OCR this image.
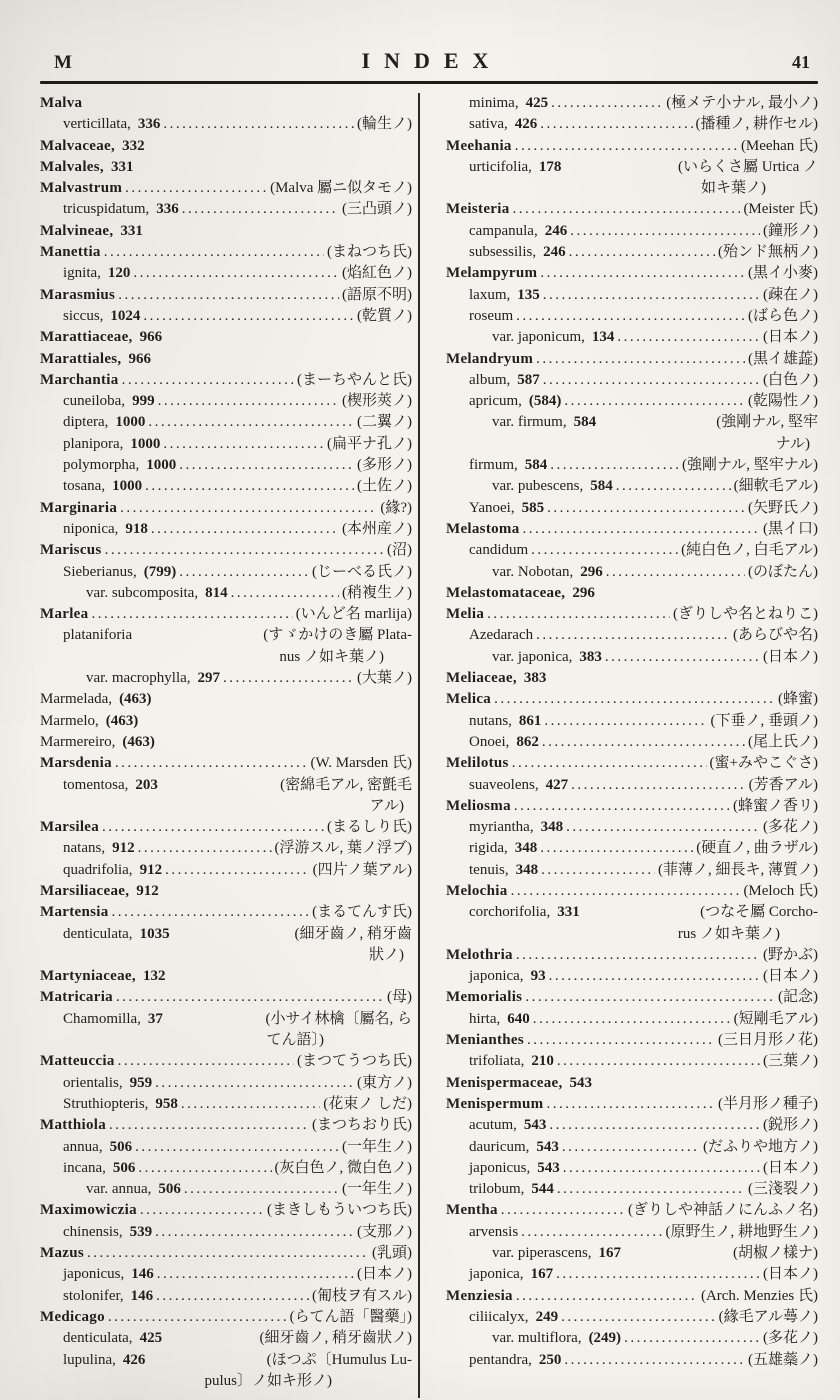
M	INDEX	41
Malva
verticillata, 336 .....	(輪生ノ)
Malvaceae, 332
Malvales, 331
Malvastrum .....	(Malva 屬ニ似タモノ)
tricuspidatum, 336 .....	(三凸頭ノ)
Malvineae, 331
Manettia .....	(まねつち氏)
ignita, 120 .....	(焰紅色ノ)
Marasmius .....	(語原不明)
siccus, 1024 .....	(乾質ノ)
Marattiaceae, 966
Marattiales, 966
Marchantia .....	(まーちやんと氏)
cuneiloba, 999 .....	(楔形莢ノ)
diptera, 1000 .....	(二翼ノ)
planipora, 1000 .....	(扁平ナ孔ノ)
polymorpha, 1000 .....	(多形ノ)
tosana, 1000 .....	(土佐ノ)
Marginaria .....	(緣?)
niponica, 918 .....	(本州産ノ)
Mariscus .....	(沼)
Sieberianus, (799) .....	(じーべる氏ノ)
var. subcomposita, 814 .....	(稍複生ノ)
Marlea .....	(いんど名 marlija)
plataniforia	(すゞかけのき屬 Plata-
nus ノ如キ葉ノ)
var. macrophylla, 297 .....	(大葉ノ)
Marmelada, (463)
Marmelo, (463)
Marmereiro, (463)
Marsdenia .....	(W. Marsden 氏)
tomentosa, 203	(密綿毛アル, 密氈毛
アル)
Marsilea .....	(まるしり氏)
natans, 912 .....	(浮游スル, 葉ノ浮ブ)
quadrifolia, 912 .....	(四片ノ葉アル)
Marsiliaceae, 912
Martensia .....	(まるてんす氏)
denticulata, 1035	(細牙齒ノ, 稍牙齒
狀ノ)
Martyniaceae, 132
Matricaria .....	(母)
Chamomilla, 37	(小サイ林檎〔屬名, ら
てん語〕)
Matteuccia .....	(まつてうつち氏)
orientalis, 959 .....	(東方ノ)
Struthiopteris, 958 .....	(花束ノ しだ)
Matthiola .....	(まつちおり氏)
annua, 506 .....	(一年生ノ)
incana, 506 .....	(灰白色ノ, 微白色ノ)
var. annua, 506 .....	(一年生ノ)
Maximowiczia .....	(まきしもういつち氏)
chinensis, 539 .....	(支那ノ)
Mazus .....	(乳頭)
japonicus, 146 .....	(日本ノ)
stolonifer, 146 .....	(匍枝ヲ有スル)
Medicago .....	(らてん語「醫藥」)
denticulata, 425	(細牙齒ノ, 稍牙齒狀ノ)
lupulina, 426	(ほつぷ〔Humulus Lu-
pulus〕ノ如キ形ノ)
minima, 425 .....	(極メテ小ナル, 最小ノ)
sativa, 426 .....	(播種ノ, 耕作セル)
Meehania .....	(Meehan 氏)
urticifolia, 178	(いらくさ屬 Urtica ノ
如キ葉ノ)
Meisteria .....	(Meister 氏)
campanula, 246 .....	(鐘形ノ)
subsessilis, 246 .....	(殆ンド無柄ノ)
Melampyrum .....	(黒イ小麥)
laxum, 135 .....	(疎在ノ)
roseum .....	(ばら色ノ)
var. japonicum, 134 .....	(日本ノ)
Melandryum .....	(黒イ雄蕋)
album, 587 .....	(白色ノ)
apricum, (584) .....	(乾陽性ノ)
var. firmum, 584	(強剛ナル, 堅牢
ナル)
firmum, 584 .....	(強剛ナル, 堅牢ナル)
var. pubescens, 584 .....	(細軟毛アル)
Yanoei, 585 .....	(矢野氏ノ)
Melastoma .....	(黒イ口)
candidum .....	(純白色ノ, 白毛アル)
var. Nobotan, 296 .....	(のぼたん)
Melastomataceae, 296
Melia .....	(ぎりしや名とねりこ)
Azedarach .....	(あらびや名)
var. japonica, 383 .....	(日本ノ)
Meliaceae, 383
Melica .....	(蜂蜜)
nutans, 861 .....	(下垂ノ, 垂頭ノ)
Onoei, 862 .....	(尾上氏ノ)
Melilotus .....	(蜜+みやこぐさ)
suaveolens, 427 .....	(芳香アル)
Meliosma .....	(蜂蜜ノ香リ)
myriantha, 348 .....	(多花ノ)
rigida, 348 .....	(硬直ノ, 曲ラザル)
tenuis, 348 .....	(菲薄ノ, 細長キ, 薄質ノ)
Melochia .....	(Meloch 氏)
corchorifolia, 331	(つなそ屬 Corcho-
rus ノ如キ葉ノ)
Melothria .....	(野かぶ)
japonica, 93 .....	(日本ノ)
Memorialis .....	(記念)
hirta, 640 .....	(短剛毛アル)
Menianthes .....	(三日月形ノ花)
trifoliata, 210 .....	(三葉ノ)
Menispermaceae, 543
Menispermum .....	(半月形ノ種子)
acutum, 543 .....	(鋭形ノ)
dauricum, 543 .....	(だふりや地方ノ)
japonicus, 543 .....	(日本ノ)
trilobum, 544 .....	(三淺裂ノ)
Mentha .....	(ぎりしや神話ノにんふノ名)
arvensis .....	(原野生ノ, 耕地野生ノ)
var. piperascens, 167	(胡椒ノ樣ナ)
japonica, 167 .....	(日本ノ)
Menziesia .....	(Arch. Menzies 氏)
ciliicalyx, 249 .....	(緣毛アル蕚ノ)
var. multiflora, (249) .....	(多花ノ)
pentandra, 250 .....	(五雄蘂ノ)
